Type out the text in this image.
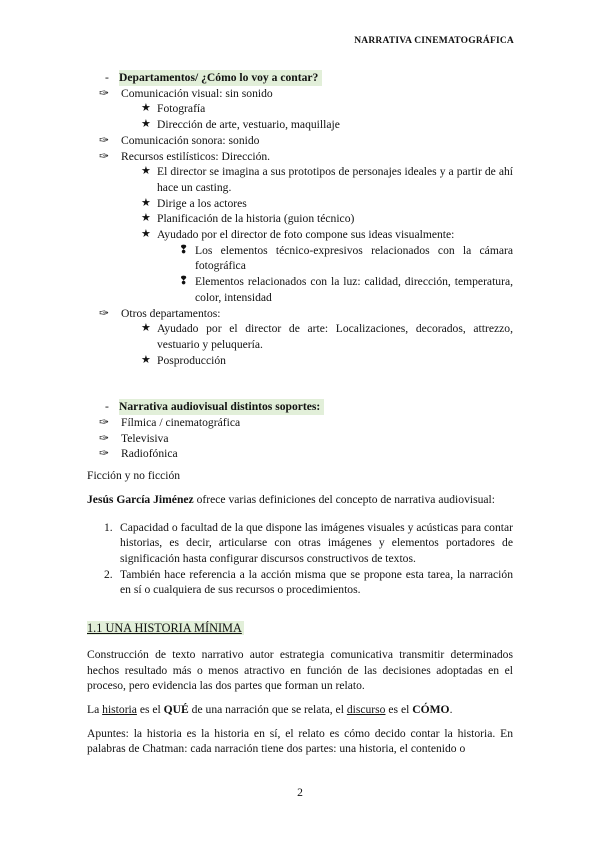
NARRATIVA CINEMATOGRÁFICA
- Departamentos/ ¿Cómo lo voy a contar?
✑ Comunicación visual: sin sonido
★ Fotografía
★ Dirección de arte, vestuario, maquillaje
✑ Comunicación sonora: sonido
✑ Recursos estilísticos: Dirección.
★ El director se imagina a sus prototipos de personajes ideales y a partir de ahí hace un casting.
★ Dirige a los actores
★ Planificación de la historia (guion técnico)
★ Ayudado por el director de foto compone sus ideas visualmente:
❢ Los elementos técnico-expresivos relacionados con la cámara fotográfica
❢ Elementos relacionados con la luz: calidad, dirección, temperatura, color, intensidad
✑ Otros departamentos:
★ Ayudado por el director de arte: Localizaciones, decorados, attrezzo, vestuario y peluquería.
★ Posproducción
- Narrativa audiovisual distintos soportes:
✑ Fílmica / cinematográfica
✑ Televisiva
✑ Radiofónica

Ficción y no ficción

Jesús García Jiménez ofrece varias definiciones del concepto de narrativa audiovisual:

1. Capacidad o facultad de la que dispone las imágenes visuales y acústicas para contar historias, es decir, articularse con otras imágenes y elementos portadores de significación hasta configurar discursos constructivos de textos.
2. También hace referencia a la acción misma que se propone esta tarea, la narración en sí o cualquiera de sus recursos o procedimientos.
1.1 UNA HISTORIA MÍNIMA

Construcción de texto narrativo autor estrategia comunicativa transmitir determinados hechos resultado más o menos atractivo en función de las decisiones adoptadas en el proceso, pero evidencia las dos partes que forman un relato.

La historia es el QUÉ de una narración que se relata, el discurso es el CÓMO.

Apuntes: la historia es la historia en sí, el relato es cómo decido contar la historia. En palabras de Chatman: cada narración tiene dos partes: una historia, el contenido o

2
